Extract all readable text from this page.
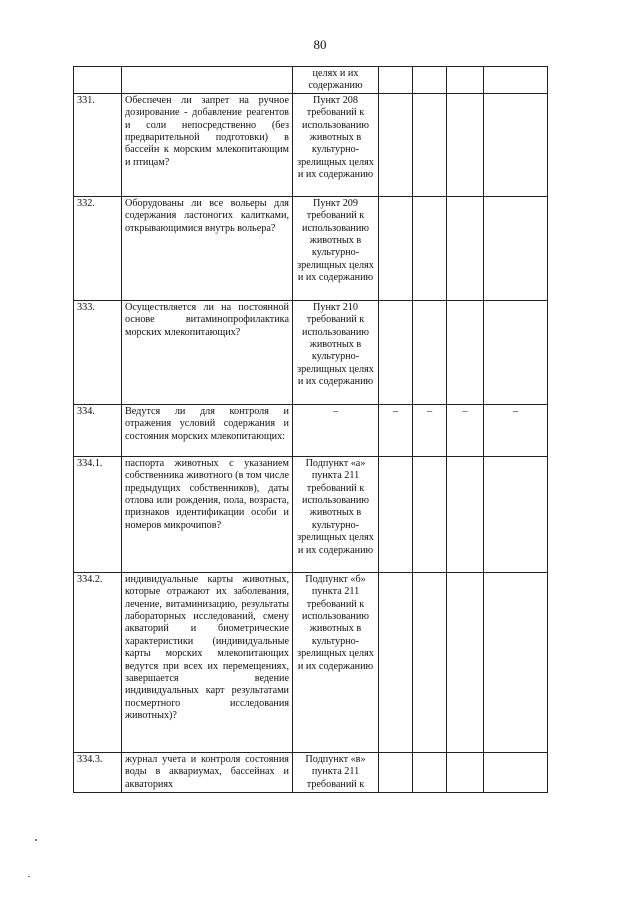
80
		целях и их содержанию				
331.	Обеспечен ли запрет на ручное дозирование - добавление реагентов и соли непосредственно (без предварительной подготовки) в бассейн к морским млекопитающим и птицам?	Пункт 208 требований к использованию животных в культурно-зрелищных целях и их содержанию				
332.	Оборудованы ли все вольеры для содержания ластоногих калитками, открывающимися внутрь вольера?	Пункт 209 требований к использованию животных в культурно-зрелищных целях и их содержанию				
333.	Осуществляется ли на постоянной основе витаминопрофилактика морских млекопитающих?	Пункт 210 требований к использованию животных в культурно-зрелищных целях и их содержанию				
334.	Ведутся ли для контроля и отражения условий содержания и состояния морских млекопитающих:	–	–	–	–	–
334.1.	паспорта животных с указанием собственника животного (в том числе предыдущих собственников), даты отлова или рождения, пола, возраста, признаков идентификации особи и номеров микрочипов?	Подпункт «а» пункта 211 требований к использованию животных в культурно-зрелищных целях и их содержанию				
334.2.	индивидуальные карты животных, которые отражают их заболевания, лечение, витаминизацию, результаты лабораторных исследований, смену акваторий и биометрические характеристики (индивидуальные карты морских млекопитающих ведутся при всех их перемещениях, завершается ведение индивидуальных карт результатами посмертного исследования животных)?	Подпункт «б» пункта 211 требований к использованию животных в культурно-зрелищных целях и их содержанию				
334.3.	журнал учета и контроля состояния воды в аквариумах, бассейнах и акваториях	Подпункт «в» пункта 211 требований к				
